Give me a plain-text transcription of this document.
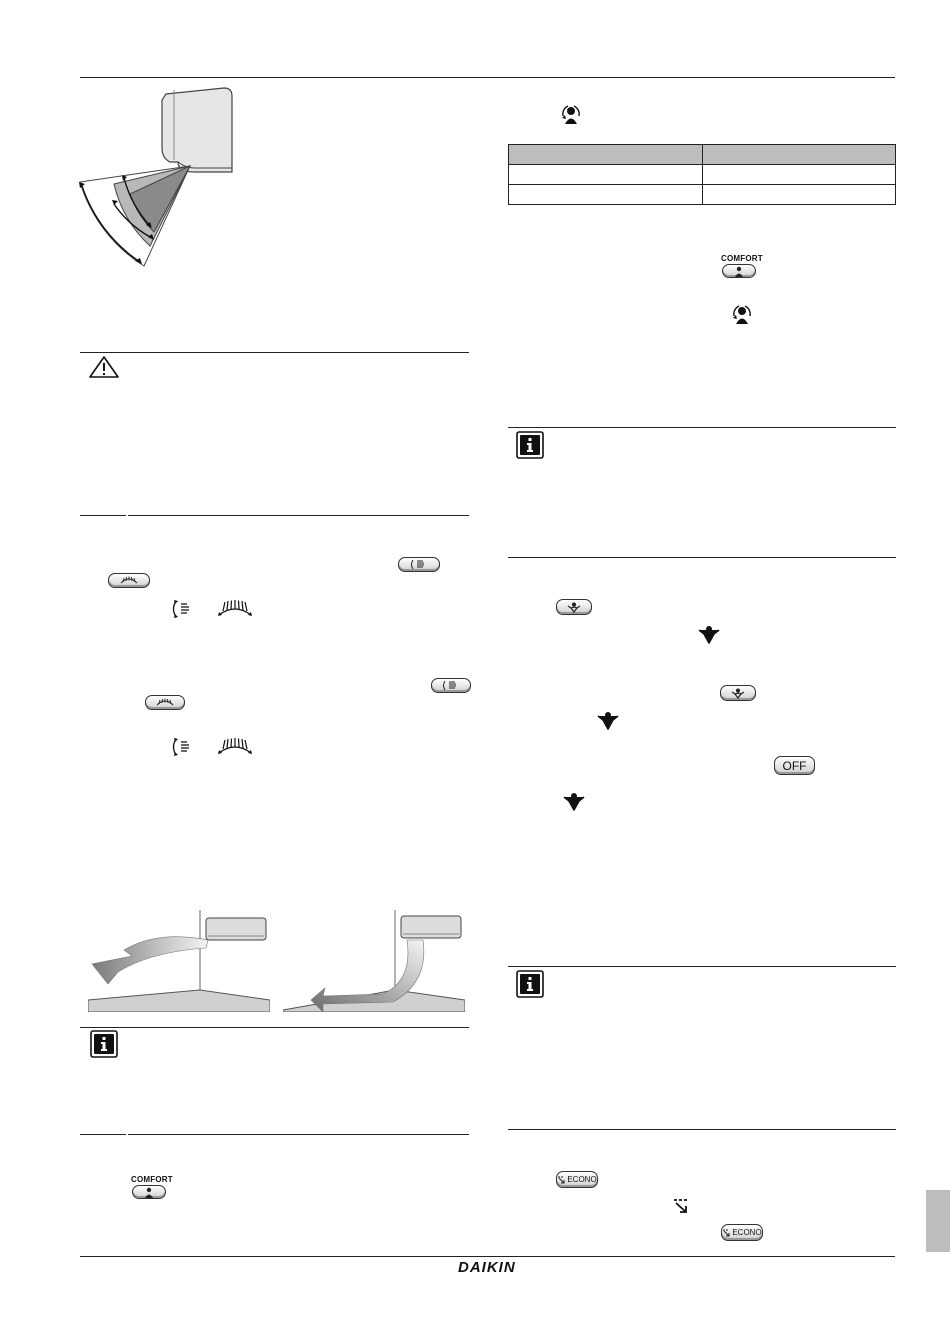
COMFORT

COMFORT
OFF
ECONO
ECONO
DAIKIN
